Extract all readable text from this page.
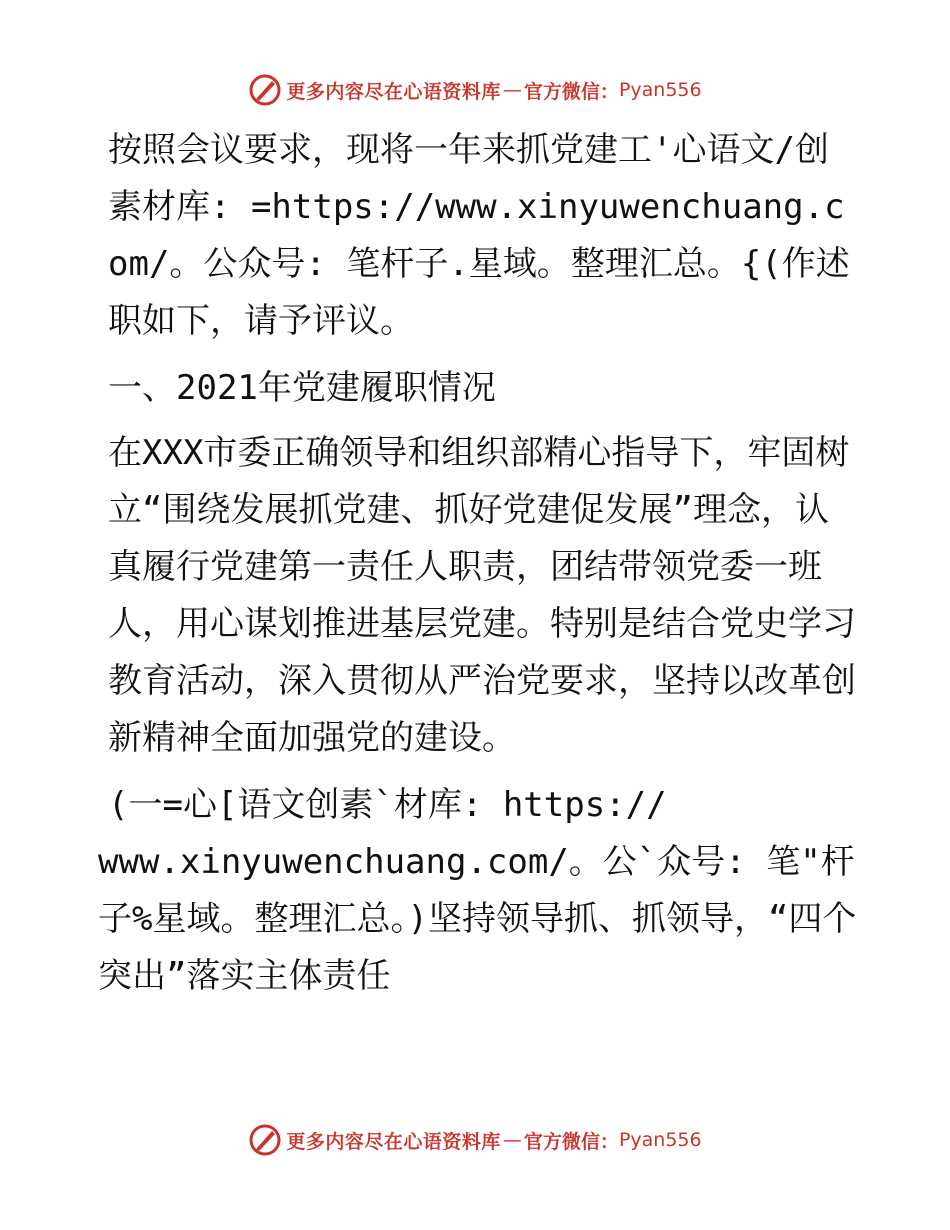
更多内容尽在心语资料库 — 官方微信： Pyan556

按照会议要求，现将一年来抓党建工'心语文/创素材库: =https://www.xinyuwenchuang.com/。公众号: 笔杆子.星域。整理汇总。{(作述职如下，请予评议。

一、2021年党建履职情况

在XXX市委正确领导和组织部精心指导下，牢固树立“围绕发展抓党建、抓好党建促发展”理念，认真履行党建第一责任人职责，团结带领党委一班人，用心谋划推进基层党建。特别是结合党史学习教育活动，深入贯彻从严治党要求，坚持以改革创新精神全面加强党的建设。

(一=心[语文创素`材库: https://

www.xinyuwenchuang.com/。公`众号: 笔"杆子%星域。整理汇总。)坚持领导抓、抓领导，“四个突出”落实主体责任

更多内容尽在心语资料库 — 官方微信： Pyan556
